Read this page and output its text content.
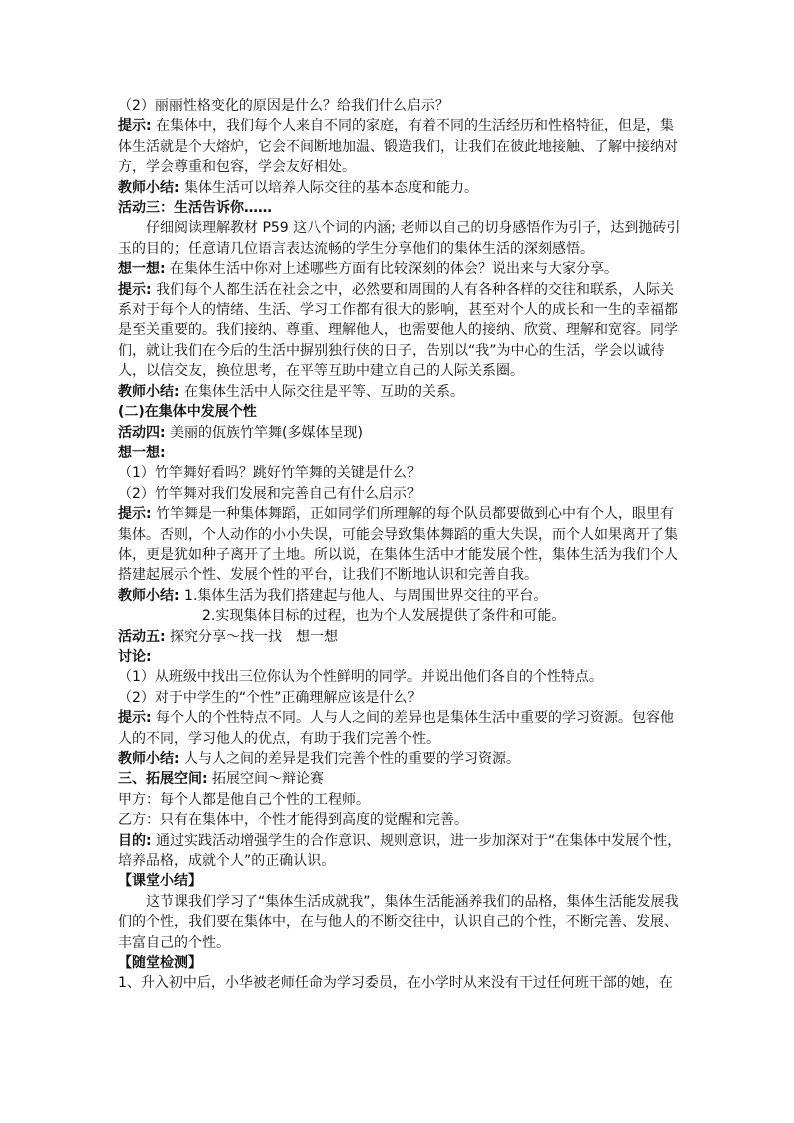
（2）丽丽性格变化的原因是什么？给我们什么启示？

提示: 在集体中，我们每个人来自不同的家庭，有着不同的生活经历和性格特征，但是，集体生活就是个大熔炉，它会不间断地加温、锻造我们，让我们在彼此地接触、了解中接纳对方，学会尊重和包容，学会友好相处。

教师小结: 集体生活可以培养人际交往的基本态度和能力。

活动三：生活告诉你……

仔细阅读理解教材 P59 这八个词的内涵; 老师以自己的切身感悟作为引子，达到抛砖引玉的目的；任意请几位语言表达流畅的学生分享他们的集体生活的深刻感悟。

想一想: 在集体生活中你对上述哪些方面有比较深刻的体会？说出来与大家分享。

提示: 我们每个人都生活在社会之中，必然要和周围的人有各种各样的交往和联系，人际关系对于每个人的情绪、生活、学习工作都有很大的影响，甚至对个人的成长和一生的幸福都是至关重要的。我们接纳、尊重、理解他人，也需要他人的接纳、欣赏、理解和宽容。同学们，就让我们在今后的生活中摒别独行侠的日子，告别以“我”为中心的生活，学会以诚待人，以信交友，换位思考，在平等互助中建立自己的人际关系圈。

教师小结: 在集体生活中人际交往是平等、互助的关系。

(二)在集体中发展个性

活动四: 美丽的佤族竹竿舞(多媒体呈现)

想一想:

（1）竹竿舞好看吗？跳好竹竿舞的关键是什么？

（2）竹竿舞对我们发展和完善自己有什么启示？

提示: 竹竿舞是一种集体舞蹈，正如同学们所理解的每个队员都要做到心中有个人，眼里有集体。否则，个人动作的小小失误，可能会导致集体舞蹈的重大失误，而个人如果离开了集体，更是犹如种子离开了土地。所以说，在集体生活中才能发展个性，集体生活为我们个人搭建起展示个性、发展个性的平台，让我们不断地认识和完善自我。

教师小结: 1.集体生活为我们搭建起与他人、与周围世界交往的平台。

2.实现集体目标的过程，也为个人发展提供了条件和可能。

活动五: 探究分享～找一找　想一想

讨论:

（1）从班级中找出三位你认为个性鲜明的同学。并说出他们各自的个性特点。

（2）对于中学生的“个性”正确理解应该是什么？

提示: 每个人的个性特点不同。人与人之间的差异也是集体生活中重要的学习资源。包容他人的不同，学习他人的优点，有助于我们完善个性。

教师小结: 人与人之间的差异是我们完善个性的重要的学习资源。

三、拓展空间: 拓展空间～辩论赛

甲方：每个人都是他自己个性的工程师。

乙方：只有在集体中，个性才能得到高度的觉醒和完善。

目的: 通过实践活动增强学生的合作意识、规则意识，进一步加深对于“在集体中发展个性，培养品格，成就个人”的正确认识。

【课堂小结】

这节课我们学习了“集体生活成就我”，集体生活能涵养我们的品格，集体生活能发展我们的个性，我们要在集体中，在与他人的不断交往中，认识自己的个性，不断完善、发展、丰富自己的个性。

【随堂检测】

1、升入初中后，小华被老师任命为学习委员，在小学时从来没有干过任何班干部的她，在
